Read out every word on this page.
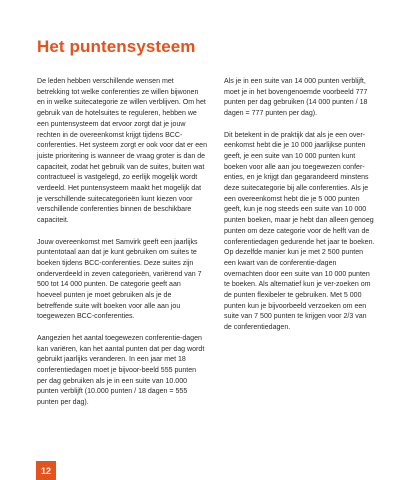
Het puntensysteem

De leden hebben verschillende wensen met betrekking tot welke conferenties ze willen bijwonen en in welke suitecategorie ze willen verblijven. Om het gebruik van de hotelsuites te reguleren, hebben we een puntensysteem dat ervoor zorgt dat je jouw rechten in de overeenkomst krijgt tijdens BCC-conferenties. Het systeem zorgt er ook voor dat er een juiste prioritering is wanneer de vraag groter is dan de capaciteit, zodat het gebruik van de suites, buiten wat contractueel is vastgelegd, zo eerlijk mogelijk wordt verdeeld. Het puntensysteem maakt het mogelijk dat je verschillende suitecategorieën kunt kiezen voor verschillende conferenties binnen de beschikbare capaciteit.

Jouw overeenkomst met Samvirk geeft een jaarlijks puntentotaal aan dat je kunt gebruiken om suites te boeken tijdens BCC-conferenties. Deze suites zijn onderverdeeld in zeven categorieën, variërend van 7 500 tot 14 000 punten. De categorie geeft aan hoeveel punten je moet gebruiken als je de betreffende suite wilt boeken voor alle aan jou toegewezen BCC-conferenties.

Aangezien het aantal toegewezen conferentie-dagen kan variëren, kan het aantal punten dat per dag wordt gebruikt jaarlijks veranderen. In een jaar met 18 conferentiedagen moet je bijvoor-beeld 555 punten per dag gebruiken als je in een suite van 10.000 punten verblijft (10.000 punten / 18 dagen = 555 punten per dag).

Als je in een suite van 14 000 punten verblijft, moet je in het bovengenoemde voorbeeld 777 punten per dag gebruiken (14 000 punten / 18 dagen = 777 punten per dag).

Dit betekent in de praktijk dat als je een over-eenkomst hebt die je 10 000 jaarlijkse punten geeft, je een suite van 10 000 punten kunt boeken voor alle aan jou toegewezen confer-enties, en je krijgt dan gegarandeerd minstens deze suitecategorie bij alle conferenties. Als je een overeenkomst hebt die je 5 000 punten geeft, kun je nog steeds een suite van 10 000 punten boeken, maar je hebt dan alleen genoeg punten om deze categorie voor de helft van de conferentiedagen gedurende het jaar te boeken. Op dezelfde manier kun je met 2 500 punten een kwart van de conferentie-dagen overnachten door een suite van 10 000 punten te boeken. Als alternatief kun je ver-zoeken om de punten flexibeler te gebruiken. Met 5 000 punten kun je bijvoorbeeld verzoeken om een suite van 7 500 punten te krijgen voor 2/3 van de conferentiedagen.

12
